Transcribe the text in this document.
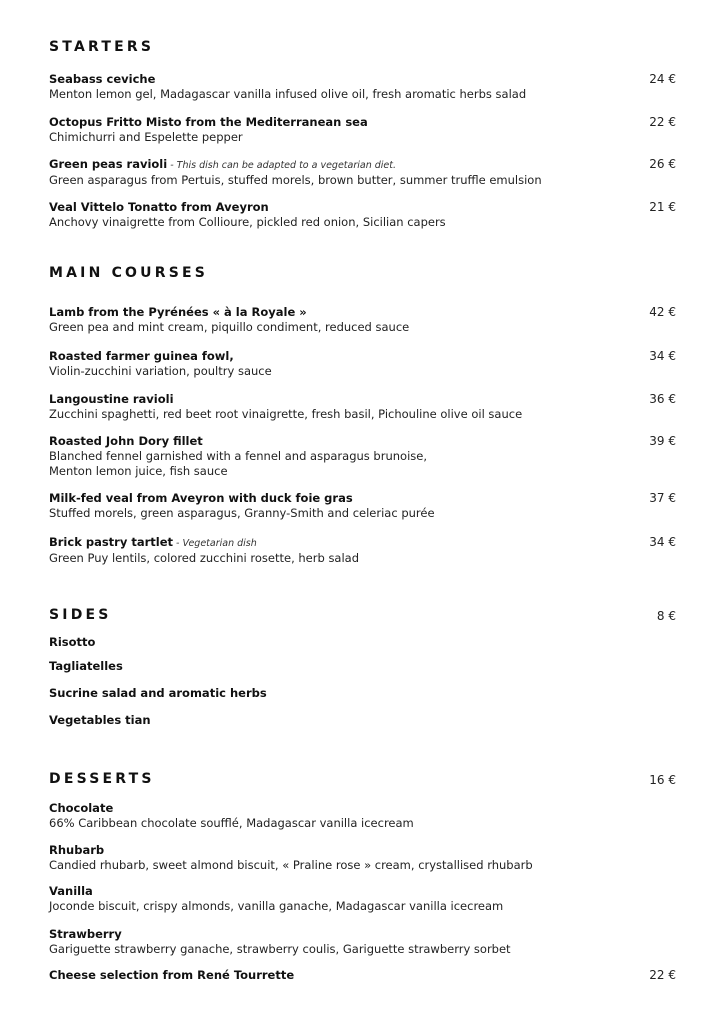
STARTERS
Seabass ceviche
Menton lemon gel, Madagascar vanilla infused olive oil, fresh aromatic herbs salad
24 €
Octopus Fritto Misto from the Mediterranean sea
Chimichurri and Espelette pepper
22 €
Green peas ravioli - This dish can be adapted to a vegetarian diet.
Green asparagus from Pertuis, stuffed morels, brown butter, summer truffle emulsion
26 €
Veal Vittelo Tonatto from Aveyron
Anchovy vinaigrette from Collioure, pickled red onion, Sicilian capers
21 €
MAIN COURSES
Lamb from the Pyrénées « à la Royale »
Green pea and mint cream, piquillo condiment, reduced sauce
42 €
Roasted farmer guinea fowl,
Violin-zucchini variation, poultry sauce
34 €
Langoustine ravioli
Zucchini spaghetti, red beet root vinaigrette, fresh basil, Pichouline olive oil sauce
36 €
Roasted John Dory fillet
Blanched fennel garnished with a fennel and asparagus brunoise,
Menton lemon juice, fish sauce
39 €
Milk-fed veal from Aveyron with duck foie gras
Stuffed morels, green asparagus, Granny-Smith and celeriac purée
37 €
Brick pastry tartlet - Vegetarian dish
Green Puy lentils, colored zucchini rosette, herb salad
34 €
SIDES	8 €
Risotto
Tagliatelles
Sucrine salad and aromatic herbs
Vegetables tian
DESSERTS	16 €
Chocolate
66% Caribbean chocolate soufflé, Madagascar vanilla icecream
Rhubarb
Candied rhubarb, sweet almond biscuit, « Praline rose » cream, crystallised rhubarb
Vanilla
Joconde biscuit, crispy almonds, vanilla ganache, Madagascar vanilla icecream
Strawberry
Gariguette strawberry ganache, strawberry coulis, Gariguette strawberry sorbet
Cheese selection from René Tourrette	22 €
